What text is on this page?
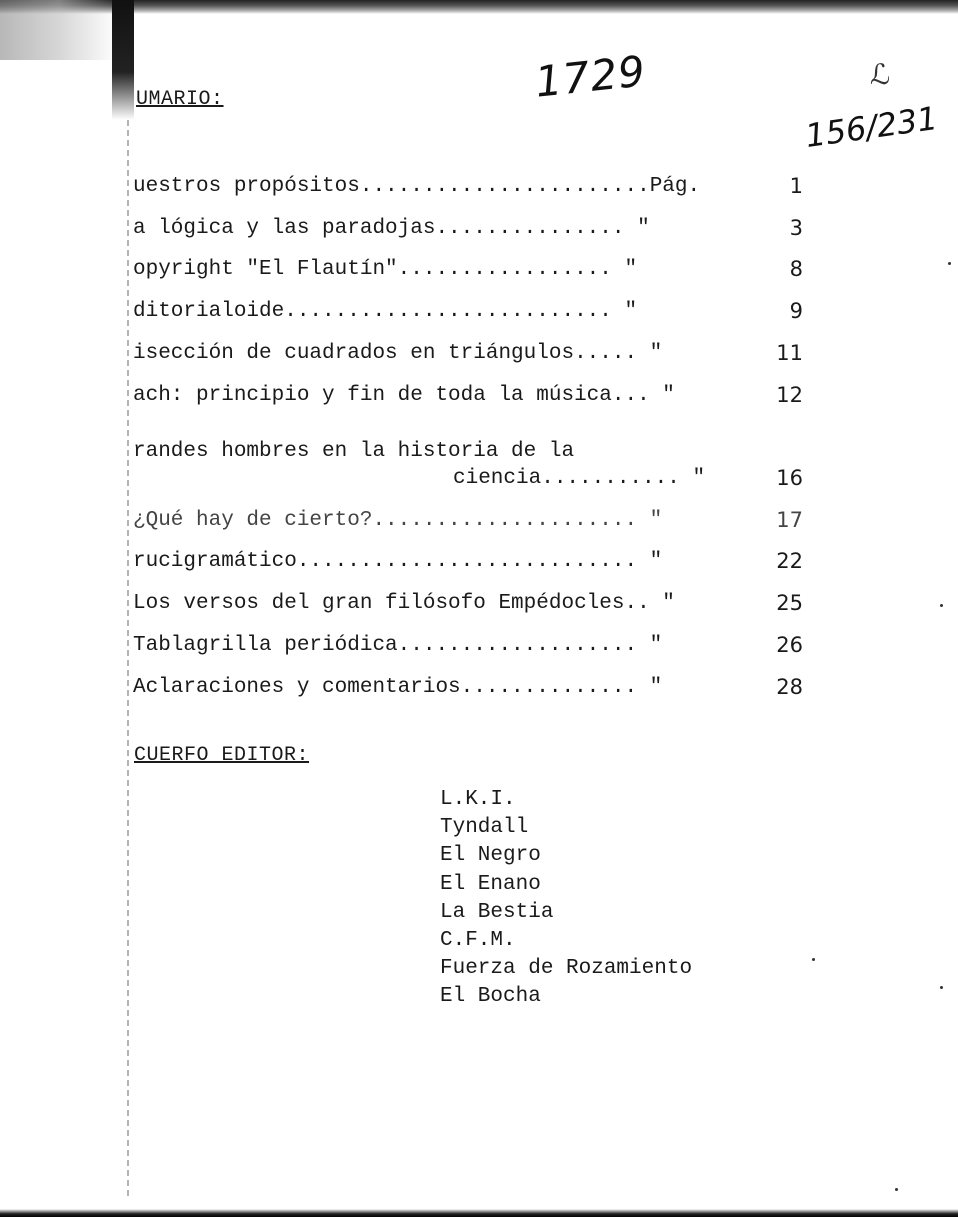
1729
156/231
ℒ
UMARIO:
uestros propósitos.......................Pág.	1
a lógica y las paradojas............... "	3
opyright "El Flautín"................. "	8
ditorialoide.......................... "	9
isección de cuadrados en triángulos..... "	11
ach: principio y fin de toda la música... "	12
randes hombres en la historia de la
ciencia........... "	16
¿Qué hay de cierto?..................... "	17
rucigramático........................... "	22
Los versos del gran filósofo Empédocles.. "	25
Tablagrilla periódica................... "	26
Aclaraciones y comentarios.............. "	28
CUERFO EDITOR:
L.K.I.
Tyndall
El Negro
El Enano
La Bestia
C.F.M.
Fuerza de Rozamiento
El Bocha
